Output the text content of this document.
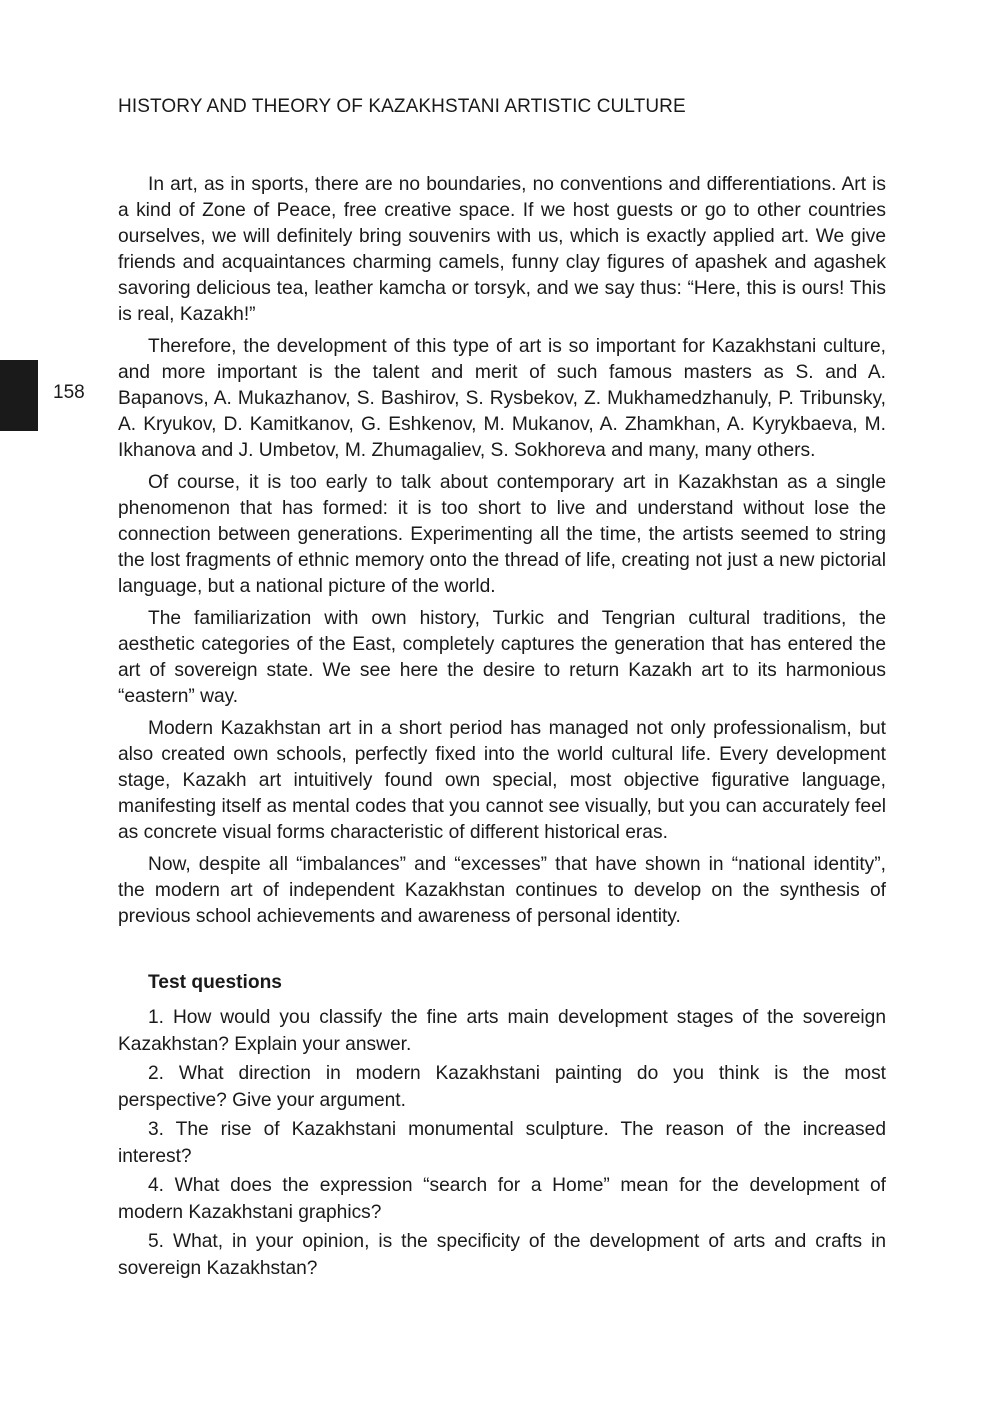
HISTORY AND THEORY OF KAZAKHSTANI ARTISTIC CULTURE
158

In art, as in sports, there are no boundaries, no conventions and differentiations. Art is a kind of Zone of Peace, free creative space. If we host guests or go to other countries ourselves, we will definitely bring souvenirs with us, which is exactly applied art. We give friends and acquaintances charming camels, funny clay figures of apashek and agashek savoring delicious tea, leather kamcha or torsyk, and we say thus: “Here, this is ours! This is real, Kazakh!”

Therefore, the development of this type of art is so important for Kazakhstani culture, and more important is the talent and merit of such famous masters as S. and A. Bapanovs, A. Mukazhanov, S. Bashirov, S. Rysbekov, Z. Mukhamedzhanuly, P. Tribunsky, A. Kryukov, D. Kamitkanov, G. Eshkenov, M. Mukanov, A. Zhamkhan, A. Kyrykbaeva, M. Ikhanova and J. Umbetov, M. Zhumagaliev, S. Sokhoreva and many, many others.

Of course, it is too early to talk about contemporary art in Kazakhstan as a single phenomenon that has formed: it is too short to live and understand without lose the connection between generations. Experimenting all the time, the artists seemed to string the lost fragments of ethnic memory onto the thread of life, creating not just a new pictorial language, but a national picture of the world.

The familiarization with own history, Turkic and Tengrian cultural traditions, the aesthetic categories of the East, completely captures the generation that has entered the art of sovereign state. We see here the desire to return Kazakh art to its harmonious “eastern” way.

Modern Kazakhstan art in a short period has managed not only professionalism, but also created own schools, perfectly fixed into the world cultural life. Every development stage, Kazakh art intuitively found own special, most objective figurative language, manifesting itself as mental codes that you cannot see visually, but you can accurately feel as concrete visual forms characteristic of different historical eras.

Now, despite all “imbalances” and “excesses” that have shown in “national identity”, the modern art of independent Kazakhstan continues to develop on the synthesis of previous school achievements and awareness of personal identity.

Test questions
1. How would you classify the fine arts main development stages of the sovereign Kazakhstan? Explain your answer.
2. What direction in modern Kazakhstani painting do you think is the most perspective? Give your argument.
3. The rise of Kazakhstani monumental sculpture. The reason of the increased interest?
4. What does the expression “search for a Home” mean for the development of modern Kazakhstani graphics?
5. What, in your opinion, is the specificity of the development of arts and crafts in sovereign Kazakhstan?
